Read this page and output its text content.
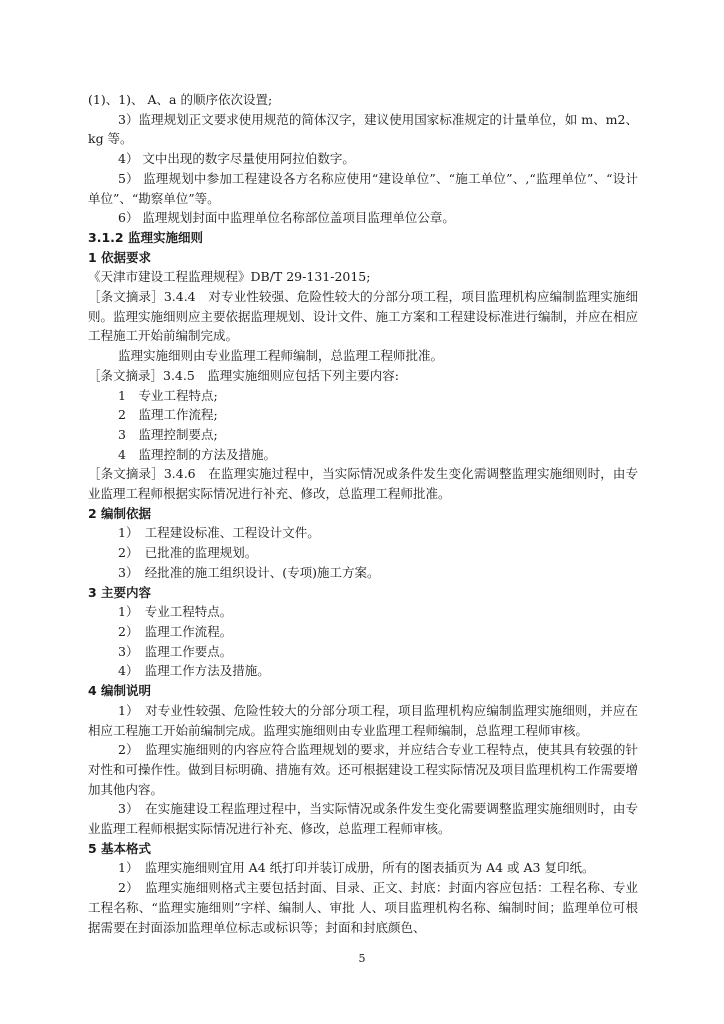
(1)、1)、 A、a 的顺序依次设置;

3）监理规划正文要求使用规范的简体汉字，建议使用国家标准规定的计量单位，如 m、m2、kg 等。

4） 文中出现的数字尽量使用阿拉伯数字。

5） 监理规划中参加工程建设各方名称应使用“建设单位”、“施工单位”、,“监理单位”、“设计单位”、“勘察单位”等。

6） 监理规划封面中监理单位名称部位盖项目监理单位公章。

3.1.2 监理实施细则

1 依据要求

《天津市建设工程监理规程》DB/T 29-131-2015;

［条文摘录］3.4.4　对专业性较强、危险性较大的分部分项工程，项目监理机构应编制监理实施细则。监理实施细则应主要依据监理规划、设计文件、施工方案和工程建设标准进行编制，并应在相应工程施工开始前编制完成。

监理实施细则由专业监理工程师编制，总监理工程师批准。

［条文摘录］3.4.5　监理实施细则应包括下列主要内容:

1　专业工程特点;

2　监理工作流程;

3　监理控制要点;

4　监理控制的方法及措施。

［条文摘录］3.4.6　在监理实施过程中，当实际情况或条件发生变化需调整监理实施细则时，由专业监理工程师根据实际情况进行补充、修改，总监理工程师批准。

2 编制依据

1）　工程建设标准、工程设计文件。

2）　已批准的监理规划。

3）　经批准的施工组织设计、(专项)施工方案。

3 主要内容

1）　专业工程特点。

2）　监理工作流程。

3）　监理工作要点。

4）　监理工作方法及措施。

4 编制说明

1）　对专业性较强、危险性较大的分部分项工程，项目监理机构应编制监理实施细则，并应在相应工程施工开始前编制完成。监理实施细则由专业监理工程师编制，总监理工程师审核。

2）　监理实施细则的内容应符合监理规划的要求，并应结合专业工程特点，使其具有较强的针对性和可操作性。做到目标明确、措施有效。还可根据建设工程实际情况及项目监理机构工作需要增加其他内容。

3）　在实施建设工程监理过程中，当实际情况或条件发生变化需要调整监理实施细则时，由专业监理工程师根据实际情况进行补充、修改，总监理工程师审核。

5 基本格式

1）　监理实施细则宜用 A4 纸打印并装订成册，所有的图表插页为 A4 或 A3 复印纸。

2）　监理实施细则格式主要包括封面、目录、正文、封底：封面内容应包括：工程名称、专业工程名称、“监理实施细则”字样、编制人、审批 人、项目监理机构名称、编制时间；监理单位可根据需要在封面添加监理单位标志或标识等；封面和封底颜色、

5
